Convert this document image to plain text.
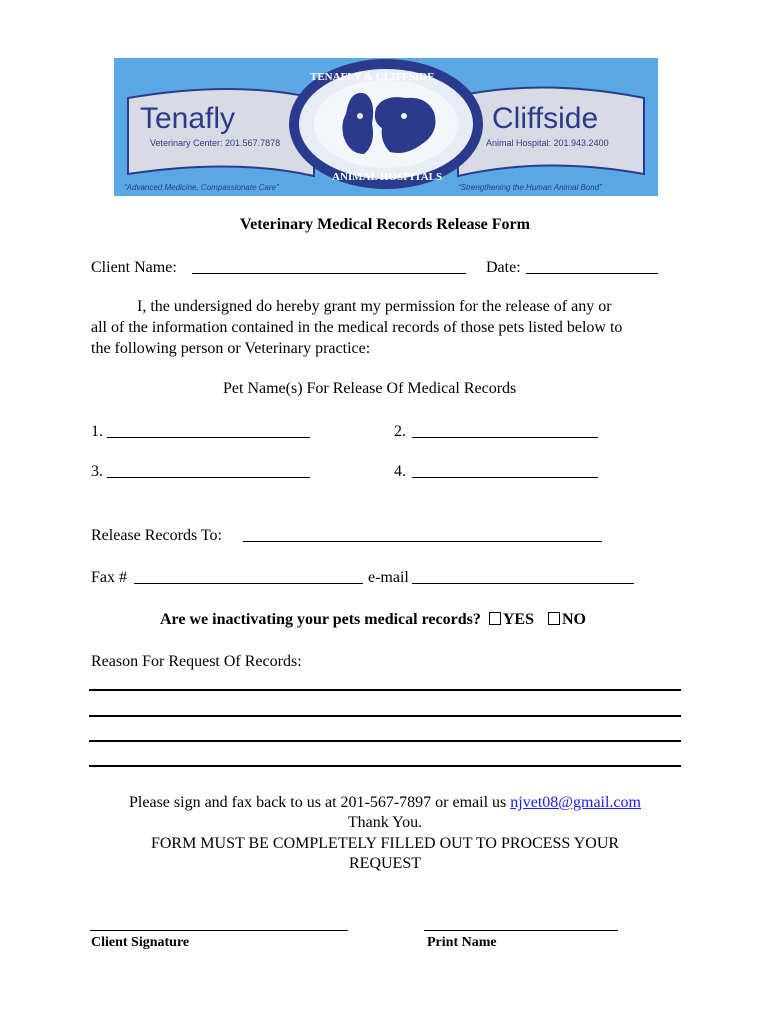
Tenafly
Veterinary Center: 201.567.7878
Cliffside
Animal Hospital: 201.943.2400
TENAFLY & CLIFFSIDE
ANIMAL HOSPITALS
“Advanced Medicine, Compassionate Care”	“Strengthening the Human Animal Bond”
Veterinary Medical Records Release Form
Client Name:	Date:
I, the undersigned do hereby grant my permission for the release of any or
all of the information contained in the medical records of those pets listed below to
the following person or Veterinary practice:
Pet Name(s) For Release Of Medical Records
1.	2.
3.	4.
Release Records To:
Fax #	e-mail
Are we inactivating your pets medical records? YES NO
Reason For Request Of Records:
Please sign and fax back to us at 201-567-7897 or email us njvet08@gmail.com
Thank You.
FORM MUST BE COMPLETELY FILLED OUT TO PROCESS YOUR
REQUEST
Client Signature	Print Name
